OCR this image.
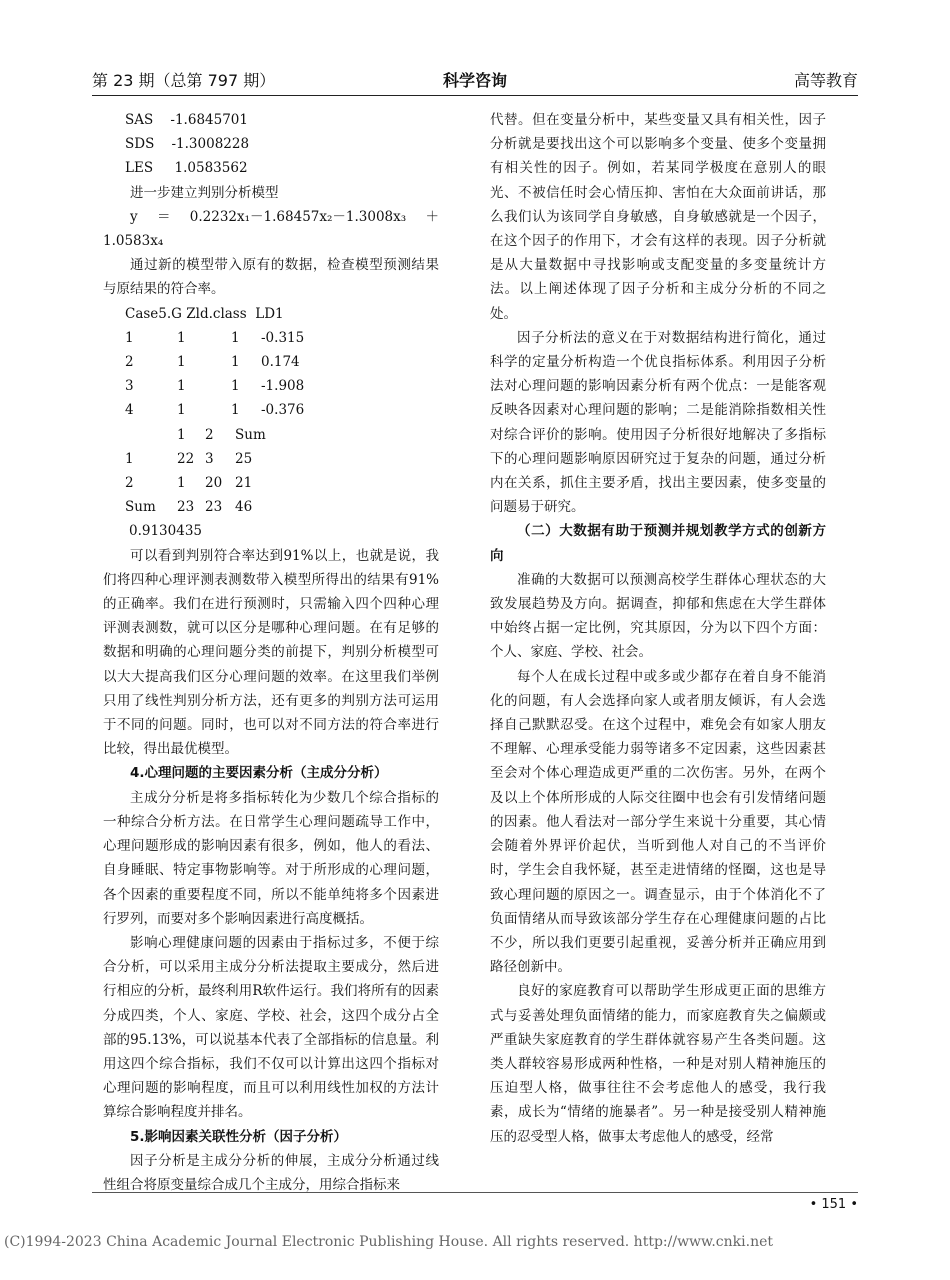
第 23 期（总第 797 期）	科学咨询	高等教育
SAS    -1.6845701
SDS    -1.3008228
LES     1.0583562

进一步建立判别分析模型

y＝0.2232x₁－1.68457x₂－1.3008x₃＋1.0583x₄

通过新的模型带入原有的数据，检查模型预测结果与原结果的符合率。

Case5.G Zld.class  LD1
1	1	1	-0.315
2	1	1	0.174
3	1	1	-1.908
4	1	1	-0.376
	1	2	Sum
1	22	3	25
2	1	20	21
Sum	23	23	46
0.9130435

可以看到判别符合率达到91%以上，也就是说，我们将四种心理评测表测数带入模型所得出的结果有91%的正确率。我们在进行预测时，只需输入四个四种心理评测表测数，就可以区分是哪种心理问题。在有足够的数据和明确的心理问题分类的前提下，判别分析模型可以大大提高我们区分心理问题的效率。在这里我们举例只用了线性判别分析方法，还有更多的判别方法可运用于不同的问题。同时，也可以对不同方法的符合率进行比较，得出最优模型。

4.心理问题的主要因素分析（主成分分析）

主成分分析是将多指标转化为少数几个综合指标的一种综合分析方法。在日常学生心理问题疏导工作中，心理问题形成的影响因素有很多，例如，他人的看法、自身睡眠、特定事物影响等。对于所形成的心理问题，各个因素的重要程度不同，所以不能单纯将多个因素进行罗列，而要对多个影响因素进行高度概括。

影响心理健康问题的因素由于指标过多，不便于综合分析，可以采用主成分分析法提取主要成分，然后进行相应的分析，最终利用R软件运行。我们将所有的因素分成四类，个人、家庭、学校、社会，这四个成分占全部的95.13%，可以说基本代表了全部指标的信息量。利用这四个综合指标，我们不仅可以计算出这四个指标对心理问题的影响程度，而且可以利用线性加权的方法计算综合影响程度并排名。

5.影响因素关联性分析（因子分析）

因子分析是主成分分析的伸展，主成分分析通过线性组合将原变量综合成几个主成分，用综合指标来

代替。但在变量分析中，某些变量又具有相关性，因子分析就是要找出这个可以影响多个变量、使多个变量拥有相关性的因子。例如，若某同学极度在意别人的眼光、不被信任时会心情压抑、害怕在大众面前讲话，那么我们认为该同学自身敏感，自身敏感就是一个因子，在这个因子的作用下，才会有这样的表现。因子分析就是从大量数据中寻找影响或支配变量的多变量统计方法。以上阐述体现了因子分析和主成分分析的不同之处。

因子分析法的意义在于对数据结构进行简化，通过科学的定量分析构造一个优良指标体系。利用因子分析法对心理问题的影响因素分析有两个优点：一是能客观反映各因素对心理问题的影响；二是能消除指数相关性对综合评价的影响。使用因子分析很好地解决了多指标下的心理问题影响原因研究过于复杂的问题，通过分析内在关系，抓住主要矛盾，找出主要因素，使多变量的问题易于研究。

（二）大数据有助于预测并规划教学方式的创新方向

准确的大数据可以预测高校学生群体心理状态的大致发展趋势及方向。据调查，抑郁和焦虑在大学生群体中始终占据一定比例，究其原因，分为以下四个方面：个人、家庭、学校、社会。

每个人在成长过程中或多或少都存在着自身不能消化的问题，有人会选择向家人或者朋友倾诉，有人会选择自己默默忍受。在这个过程中，难免会有如家人朋友不理解、心理承受能力弱等诸多不定因素，这些因素甚至会对个体心理造成更严重的二次伤害。另外，在两个及以上个体所形成的人际交往圈中也会有引发情绪问题的因素。他人看法对一部分学生来说十分重要，其心情会随着外界评价起伏，当听到他人对自己的不当评价时，学生会自我怀疑，甚至走进情绪的怪圈，这也是导致心理问题的原因之一。调查显示，由于个体消化不了负面情绪从而导致该部分学生存在心理健康问题的占比不少，所以我们更要引起重视，妥善分析并正确应用到路径创新中。

良好的家庭教育可以帮助学生形成更正面的思维方式与妥善处理负面情绪的能力，而家庭教育失之偏颇或严重缺失家庭教育的学生群体就容易产生各类问题。这类人群较容易形成两种性格，一种是对别人精神施压的压迫型人格，做事往往不会考虑他人的感受，我行我素，成长为“情绪的施暴者”。另一种是接受别人精神施压的忍受型人格，做事太考虑他人的感受，经常

• 151 •
(C)1994-2023 China Academic Journal Electronic Publishing House. All rights reserved. http://www.cnki.net
